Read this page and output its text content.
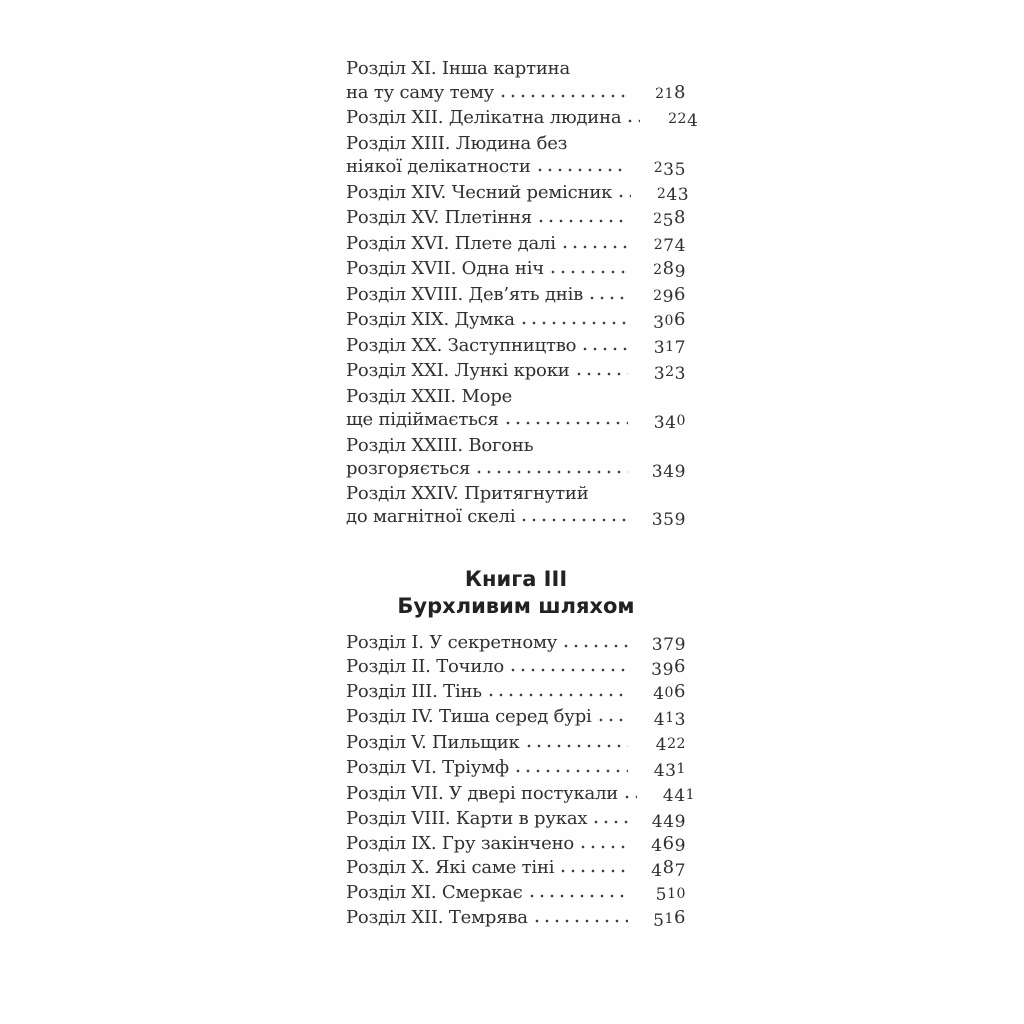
Розділ XI. Інша картина
на ту саму тему	218
Розділ XII. Делікатна людина	224
Розділ XIII. Людина без
ніякої делікатности	235
Розділ XIV. Чесний ремісник	243
Розділ XV. Плетіння	258
Розділ XVI. Плете далі	274
Розділ XVII. Одна ніч	289
Розділ XVIII. Дев’ять днів	296
Розділ XIX. Думка	306
Розділ XX. Заступництво	317
Розділ XXI. Лункі кроки	323
Розділ XXII. Море
ще підіймається	340
Розділ XXIII. Вогонь
розгоряється	349
Розділ XXIV. Притягнутий
до магнітної скелі	359
Книга III
Бурхливим шляхом
Розділ I. У секретному	379
Розділ II. Точило	396
Розділ III. Тінь	406
Розділ IV. Тиша серед бурі	413
Розділ V. Пильщик	422
Розділ VI. Тріумф	431
Розділ VII. У двері постукали	441
Розділ VIII. Карти в руках	449
Розділ IX. Гру закінчено	469
Розділ X. Які саме тіні	487
Розділ XI. Смеркає	510
Розділ XII. Темрява	516
